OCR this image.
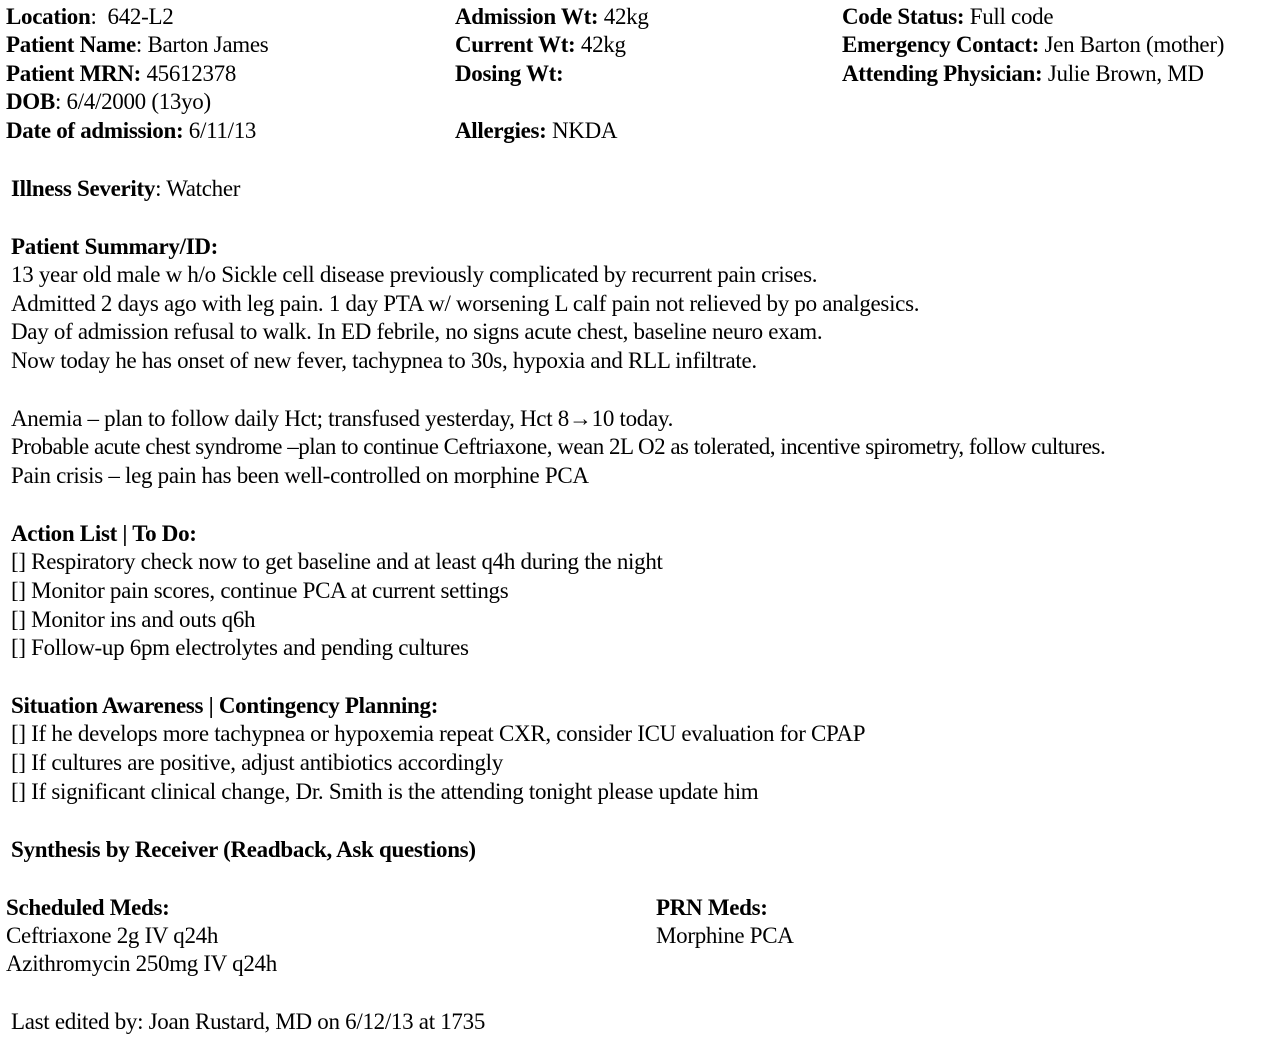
Location:  642-L2
Patient Name: Barton James
Patient MRN: 45612378
DOB: 6/4/2000 (13yo)
Date of admission: 6/11/13
Admission Wt: 42kg
Current Wt: 42kg
Dosing Wt:
Allergies: NKDA
Code Status: Full code
Emergency Contact: Jen Barton (mother)
Attending Physician: Julie Brown, MD
Illness Severity: Watcher
Patient Summary/ID:
13 year old male w h/o Sickle cell disease previously complicated by recurrent pain crises.
Admitted 2 days ago with leg pain. 1 day PTA w/ worsening L calf pain not relieved by po analgesics.
Day of admission refusal to walk. In ED febrile, no signs acute chest, baseline neuro exam.
Now today he has onset of new fever, tachypnea to 30s, hypoxia and RLL infiltrate.
Anemia – plan to follow daily Hct; transfused yesterday, Hct 8→10 today.
Probable acute chest syndrome –plan to continue Ceftriaxone, wean 2L O2 as tolerated, incentive spirometry, follow cultures.
Pain crisis – leg pain has been well-controlled on morphine PCA
Action List | To Do:
[] Respiratory check now to get baseline and at least q4h during the night
[] Monitor pain scores, continue PCA at current settings
[] Monitor ins and outs q6h
[] Follow-up 6pm electrolytes and pending cultures
Situation Awareness | Contingency Planning:
[] If he develops more tachypnea or hypoxemia repeat CXR, consider ICU evaluation for CPAP
[] If cultures are positive, adjust antibiotics accordingly
[] If significant clinical change, Dr. Smith is the attending tonight please update him
Synthesis by Receiver (Readback, Ask questions)
Scheduled Meds:
Ceftriaxone 2g IV q24h
Azithromycin 250mg IV q24h
PRN Meds:
Morphine PCA
Last edited by: Joan Rustard, MD on 6/12/13 at 1735
